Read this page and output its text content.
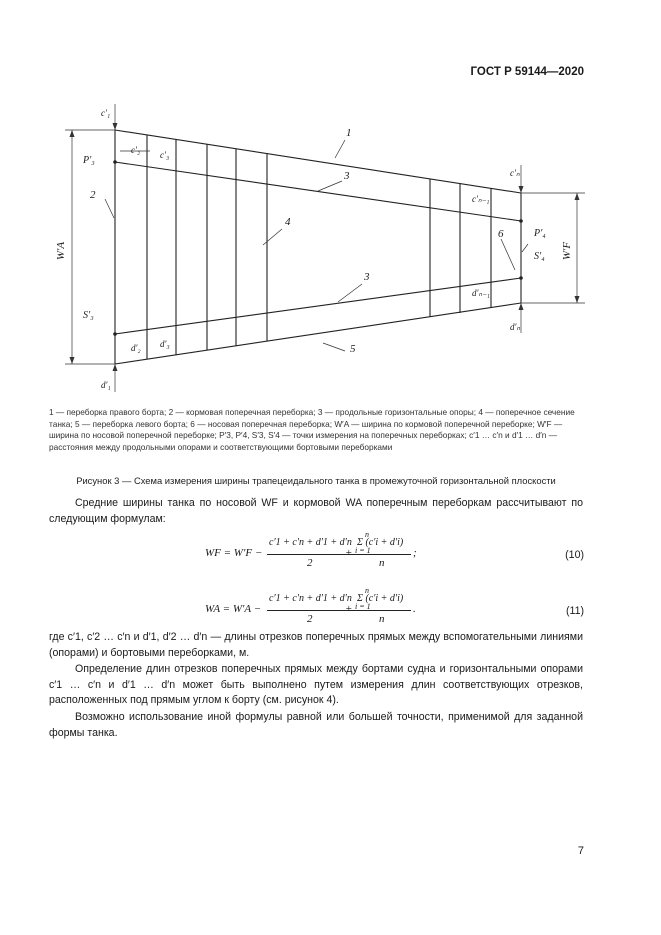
ГОСТ Р 59144—2020
1
2
3
3
4
5
6
c′₁
c′₂ c′₃
c′ₙ
c′ₙ₋₁
d′₁
d′₂ d′₃
d′ₙ
d′ₙ₋₁
P′₃
S′₃
P′₄
S′₄
W′A	W′F
1 — переборка правого борта; 2 — кормовая поперечная переборка; 3 — продольные горизонтальные опоры; 4 — поперечное сечение танка; 5 — переборка левого борта; 6 — носовая поперечная переборка; W′A — ширина по кормовой поперечной переборке; W′F — ширина по носовой поперечной переборке; P′3, P′4, S′3, S′4 — точки измерения на поперечных переборках; c′1 … c′n и d′1 … d′n — расстояния между продольными опорами и соответствующими бортовыми переборками
Рисунок 3 — Схема измерения ширины трапецеидального танка в промежуточной горизонтальной плоскости
Средние ширины танка по носовой WF и кормовой WA поперечным переборкам рассчитывают по следующим формулам:
WF = W′F −
c′1 + c′n + d′1 + d′n
2
+
n
Σ (c′i + d′i)
i = 1
n
;	(10)
WA = W′A −
c′1 + c′n + d′1 + d′n
2
+
n
Σ (c′i + d′i)
i = 1
n
.	(11)
где c′1, c′2 … c′n и d′1, d′2 … d′n — длины отрезков поперечных прямых между вспомогательными линиями (опорами) и бортовыми переборками, м.
Определение длин отрезков поперечных прямых между бортами судна и горизонтальными опорами c′1 … c′n и d′1 … d′n может быть выполнено путем измерения длин соответствующих отрезков, расположенных под прямым углом к борту (см. рисунок 4).
Возможно использование иной формулы равной или большей точности, применимой для заданной формы танка.
7
